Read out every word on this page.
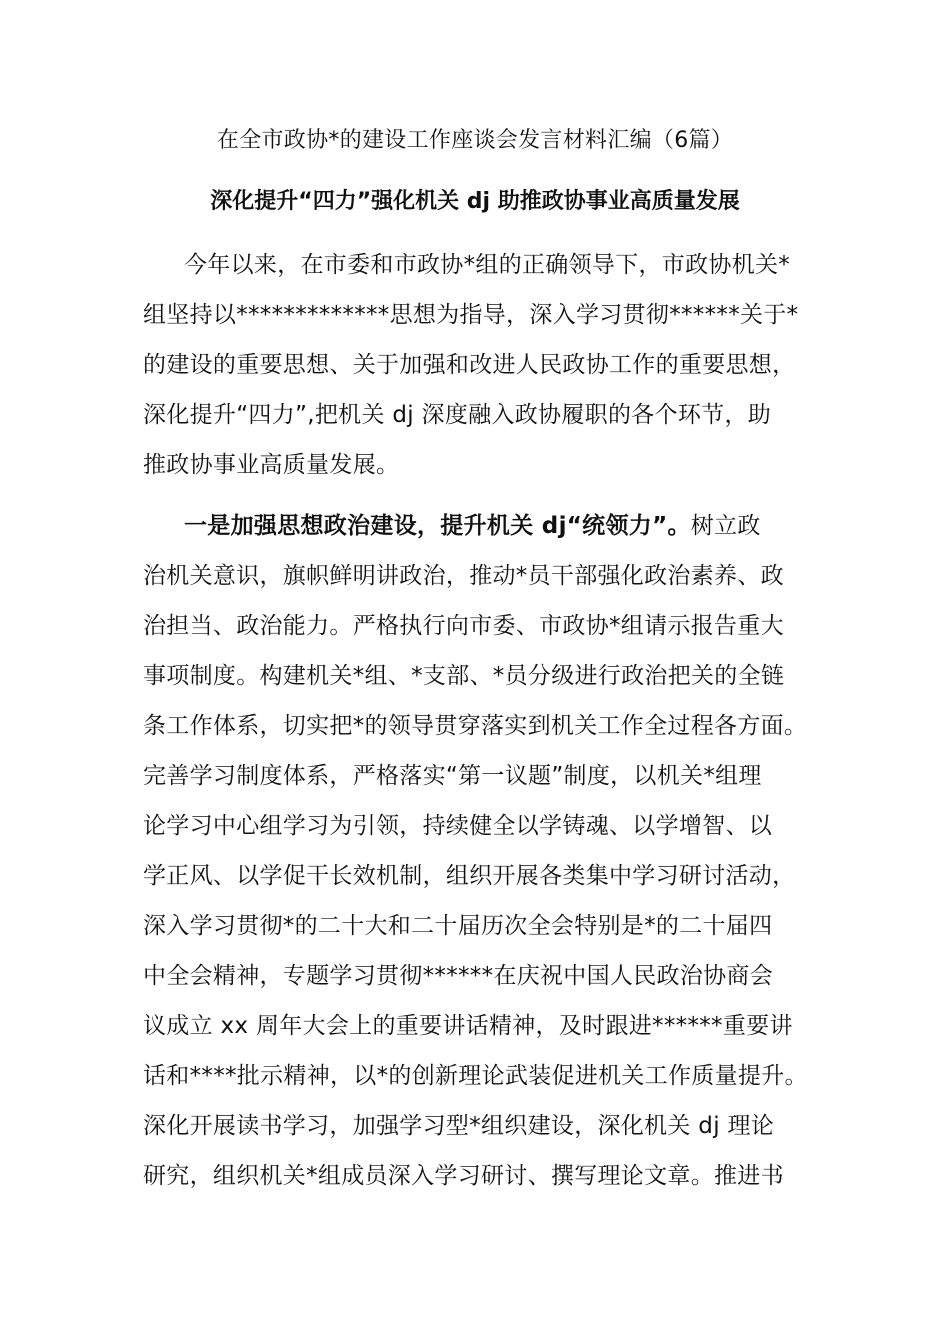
在全市政协*的建设工作座谈会发言材料汇编（6篇）
深化提升“四力”强化机关 dj 助推政协事业高质量发展

今年以来，在市委和市政协*组的正确领导下，市政协机关*

组坚持以*************思想为指导，深入学习贯彻******关于*

的建设的重要思想、关于加强和改进人民政协工作的重要思想，

深化提升“四力”,把机关 dj 深度融入政协履职的各个环节，助

推政协事业高质量发展。

一是加强思想政治建设，提升机关 dj“统领力”。树立政

治机关意识，旗帜鲜明讲政治，推动*员干部强化政治素养、政

治担当、政治能力。严格执行向市委、市政协*组请示报告重大

事项制度。构建机关*组、*支部、*员分级进行政治把关的全链

条工作体系，切实把*的领导贯穿落实到机关工作全过程各方面。

完善学习制度体系，严格落实“第一议题”制度，以机关*组理

论学习中心组学习为引领，持续健全以学铸魂、以学增智、以

学正风、以学促干长效机制，组织开展各类集中学习研讨活动，

深入学习贯彻*的二十大和二十届历次全会特别是*的二十届四

中全会精神，专题学习贯彻******在庆祝中国人民政治协商会

议成立 xx 周年大会上的重要讲话精神，及时跟进******重要讲

话和****批示精神，以*的创新理论武装促进机关工作质量提升。

深化开展读书学习，加强学习型*组织建设，深化机关 dj 理论

研究，组织机关*组成员深入学习研讨、撰写理论文章。推进书
